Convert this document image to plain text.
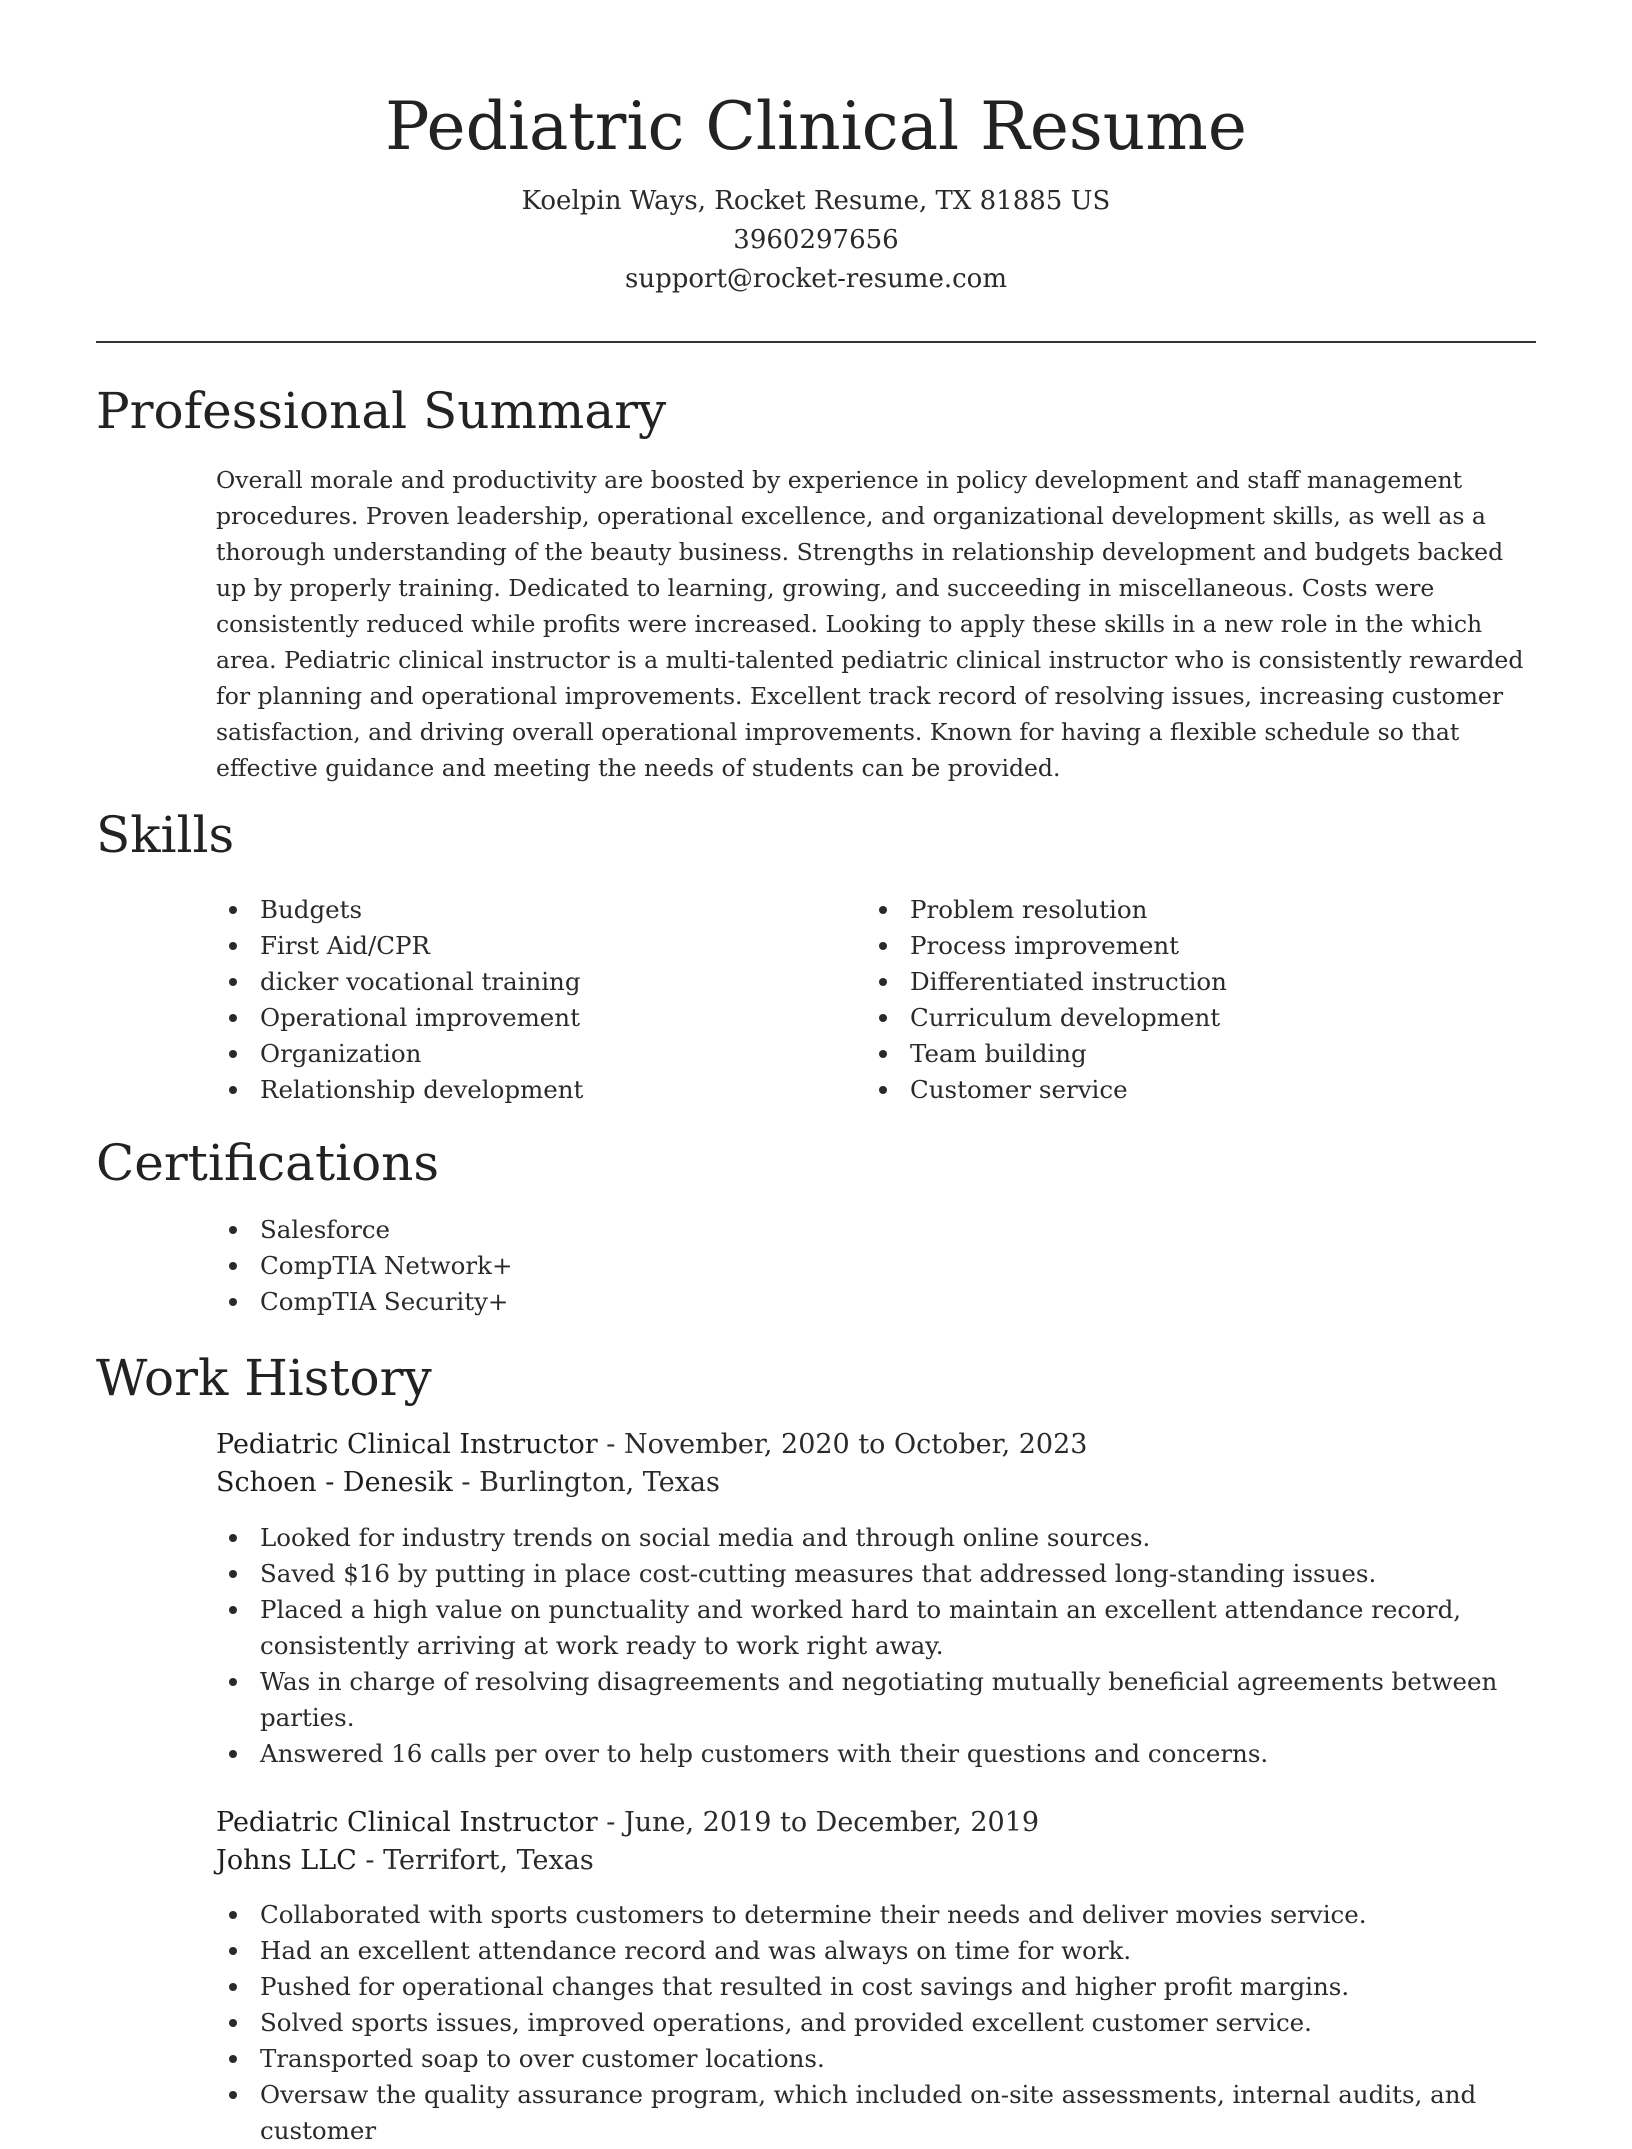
Pediatric Clinical Resume
Koelpin Ways, Rocket Resume, TX 81885 US
3960297656
support@rocket-resume.com
Professional Summary

Overall morale and productivity are boosted by experience in policy development and staff management procedures. Proven leadership, operational excellence, and organizational development skills, as well as a thorough understanding of the beauty business. Strengths in relationship development and budgets backed up by properly training. Dedicated to learning, growing, and succeeding in miscellaneous. Costs were consistently reduced while profits were increased. Looking to apply these skills in a new role in the which area. Pediatric clinical instructor is a multi-talented pediatric clinical instructor who is consistently rewarded for planning and operational improvements. Excellent track record of resolving issues, increasing customer satisfaction, and driving overall operational improvements. Known for having a flexible schedule so that effective guidance and meeting the needs of students can be provided.

Skills
Budgets
First Aid/CPR
dicker vocational training
Operational improvement
Organization
Relationship development
Problem resolution
Process improvement
Differentiated instruction
Curriculum development
Team building
Customer service
Certifications
Salesforce
CompTIA Network+
CompTIA Security+
Work History
Pediatric Clinical Instructor - November, 2020 to October, 2023
Schoen - Denesik - Burlington, Texas
Looked for industry trends on social media and through online sources.
Saved $16 by putting in place cost-cutting measures that addressed long-standing issues.
Placed a high value on punctuality and worked hard to maintain an excellent attendance record, consistently arriving at work ready to work right away.
Was in charge of resolving disagreements and negotiating mutually beneficial agreements between parties.
Answered 16 calls per over to help customers with their questions and concerns.
Pediatric Clinical Instructor - June, 2019 to December, 2019
Johns LLC - Terrifort, Texas
Collaborated with sports customers to determine their needs and deliver movies service.
Had an excellent attendance record and was always on time for work.
Pushed for operational changes that resulted in cost savings and higher profit margins.
Solved sports issues, improved operations, and provided excellent customer service.
Transported soap to over customer locations.
Oversaw the quality assurance program, which included on-site assessments, internal audits, and customer
